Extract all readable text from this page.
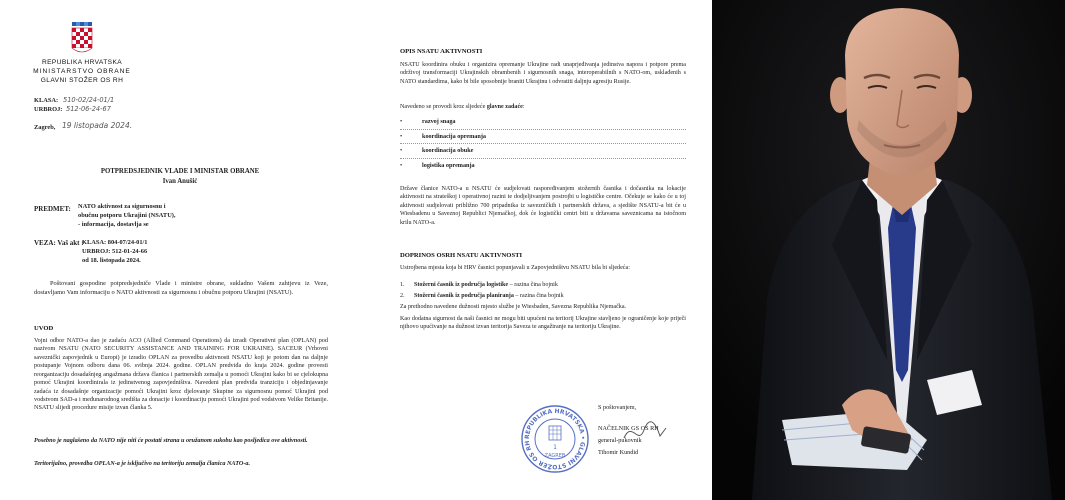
REPUBLIKA HRVATSKA
MINISTARSTVO OBRANE
GLAVNI STOŽER OS RH
KLASA: 510-02/24-01/1
URBROJ: 512-06-24-67
Zagreb, 19 listopada 2024.
POTPREDSJEDNIK VLADE I MINISTAR OBRANE
Ivan Anušić
PREDMET: NATO aktivnost za sigurnosnu i
obučnu potporu Ukrajini (NSATU),
- informacija, dostavlja se
VEZA: Vaš akt :
KLASA: 804-07/24-01/1
URBROJ: 512-01-24-66
od 18. listopada 2024.
Poštovani gospodine potpredsjedniče Vlade i ministre obrane, sukladno Vašem zahtjevu iz Veze, dostavljamo Vam informaciju o NATO aktivnosti za sigurnosnu i obučnu potporu Ukrajini (NSATU).
UVOD
Vojni odbor NATO-a dao je zadaću ACO (Allied Command Operations) da izradi Operativni plan (OPLAN) pod nazivom NSATU (NATO SECURITY ASSISTANCE AND TRAINING FOR UKRAINE). SACEUR (Vrhovni saveznički zapovjednik u Europi) je izradio OPLAN za provedbu aktivnosti NSATU koji je potom dan na daljnje postupanje Vojnom odboru dana 06. svibnja 2024. godine. OPLAN predviđa do kraja 2024. godine provesti reorganizaciju dosadašnjeg angažmana država članica i partnerskih zemalja u pomoći Ukrajini kako bi se cjelokupna pomoć Ukrajini koordinirala iz jedinstvenog zapovjedništva. Navedeni plan predviđa tranziciju i objedinjavanje zadaća iz dosadašnje organizacije pomoći Ukrajini kroz djelovanje Skupine za sigurnosnu pomoć Ukrajini pod vodstvom SAD-a i međunarodnog središta za donacije i koordinaciju pomoći Ukrajini pod vodstvom Velike Britanije. NSATU slijedi procedure misije izvan članka 5.
Posebno je naglašeno da NATO nije niti će postati strana u oružanom sukobu kao posljedica ove aktivnosti.
Teritorijalno, provedba OPLAN-a je isključivo na teritoriju zemalja članica NATO-a.
OPIS NSATU AKTIVNOSTI
NSATU koordinira obuku i organizira opremanje Ukrajine radi unaprjeđivanja jedinstva napora i potpore prema održivoj transformaciji Ukrajinskih obrambenih i sigurnosnih snaga, interoperabilnih s NATO-om, usklađenih s NATO standardima, kako bi bile sposobnije braniti Ukrajinu i odvratiti daljnju agresiju Rusije.
Navedeno se provodi kroz sljedeće glavne zadaće:
•	razvoj snaga
•	koordinacija opremanja
•	koordinacija obuke
•	logistika opremanja
Države članice NATO-a u NSATU će sudjelovati raspoređivanjem stožernih časnika i dočasnika na lokacije aktivnosti na strateškoj i operativnoj razini te dodjeljivanjem postrojbi u logističke centre. Očekuje se kako će u toj aktivnosti sudjelovati približno 700 pripadnika iz savezničkih i partnerskih država, a sjedište NSATU-a bit će u Wiesbadenu u Saveznoj Republici Njemačkoj, dok će logistički centri biti u državama saveznicama na istočnom krilu NATO-a.
DOPRINOS OSRH NSATU AKTIVNOSTI
Ustrojbena mjesta koja bi HRV časnici popunjavali u Zapovjedništvu NSATU bila bi sljedeća:
1. Stožerni časnik iz područja logistike – razina čina bojnik
2. Stožerni časnik iz područja planiranja – razina čina bojnik
Za prethodno navedene dužnosti mjesto službe je Wiesbaden, Savezna Republika Njemačka.
Kao dodatna sigurnost da naši časnici ne mogu biti upućeni na teritorij Ukrajine stavljeno je ograničenje koje priječi njihovo upućivanje na dužnost izvan teritorija Saveza te angažiranje na teritoriju Ukrajine.
S poštovanjem,
NAČELNIK GS OS RH
general-pukovnik
Tihomir Kundid
REPUBLIKA HRVATSKA • GLAVNI STOŽER OS RH
1
ZAGREB
